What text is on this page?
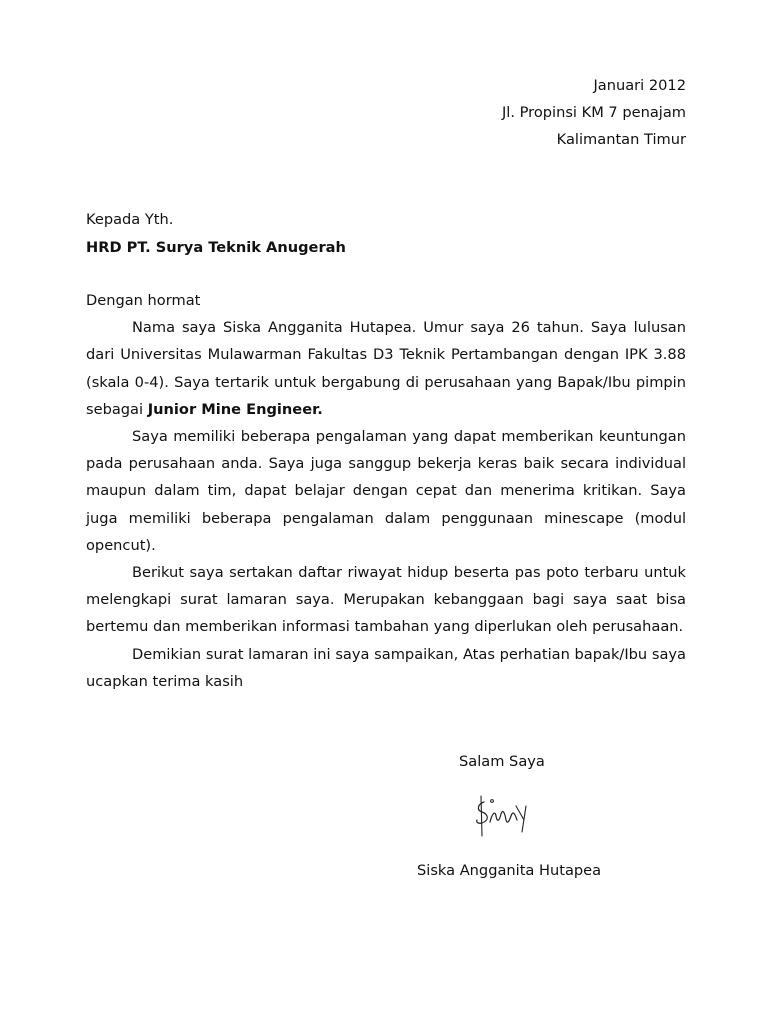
Januari 2012
Jl. Propinsi KM 7 penajam
Kalimantan Timur
Kepada Yth.
HRD PT. Surya Teknik Anugerah

Dengan hormat

Nama saya Siska Angganita Hutapea. Umur saya 26 tahun. Saya lulusan dari Universitas Mulawarman Fakultas D3 Teknik Pertambangan dengan IPK 3.88 (skala 0-4). Saya tertarik untuk bergabung di perusahaan yang Bapak/Ibu pimpin sebagai Junior Mine Engineer.

Saya memiliki beberapa pengalaman yang dapat memberikan keuntungan pada perusahaan anda. Saya juga sanggup bekerja keras baik secara individual maupun dalam tim, dapat belajar dengan cepat dan menerima kritikan. Saya juga memiliki beberapa pengalaman dalam penggunaan minescape (modul opencut).

Berikut saya sertakan daftar riwayat hidup beserta pas poto terbaru untuk melengkapi surat lamaran saya. Merupakan kebanggaan bagi saya saat bisa bertemu dan memberikan informasi tambahan yang diperlukan oleh perusahaan.

Demikian surat lamaran ini saya sampaikan, Atas perhatian bapak/Ibu saya ucapkan terima kasih

Salam Saya
Siska Angganita Hutapea
